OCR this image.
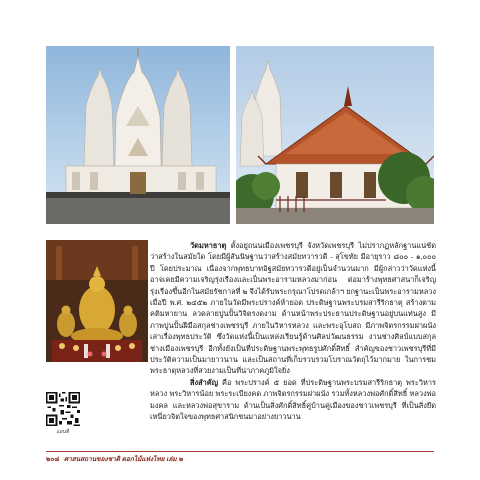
วัดมหาธาตุ ตั้งอยู่ถนนเมืองเพชรบุรี จังหวัดเพชรบุรี ไม่ปรากฏหลักฐานแน่ชัดว่าสร้างในสมัยใด โดยมีผู้สันนิษฐานว่าสร้างสมัยทวารวดี - สุโขทัย มีอายุราว ๘๐๐ - ๑,๐๐๐ ปี โดยประมาณ เนื่องจากพุทธบาทอิฐสมัยทวารวดีอยู่เป็นจำนวนมาก มีผู้กล่าวว่าวัดแห่งนี้อาจเคยมีความเจริญรุ่งเรืองและเป็นพระอารามหลวงมาก่อน ต่อมาร้างพุทธศาสนาก็เจริญรุ่งเรืองขึ้นอีกในสมัยรัชกาลที่ ๒ จึงได้รับพระกรุณาโปรดเกล้าฯ ยกฐานะเป็นพระอารามหลวง เมื่อปี พ.ศ. ๒๔๕๒ ภายในวัดมีพระปรางค์ห้ายอด ประดิษฐานพระบรมสารีริกธาตุ สร้างตามคติมหายาน ลวดลายปูนปั้นวิจิตรงดงาม ด้านหน้าพระประธานประดิษฐานอยู่บนแท่นสูง มีภาพปูนปั้นฝีมือสกุลช่างเพชรบุรี ภายในวิหารหลวง และพระอุโบสถ มีภาพจิตรกรรมฝาผนังเล่าเรื่องพุทธประวัติ ซึ่งวัดแห่งนี้เป็นแหล่งเรียนรู้ด้านศิลปวัฒนธรรม งานช่างศิลป์แบบสกุลช่างเมืองเพชรบุรี อีกทั้งยังเป็นที่ประดิษฐานพระพุทธรูปศักดิ์สิทธิ์ สำคัญของชาวเพชรบุรีที่มีประวัติความเป็นมายาวนาน และเป็นสถานที่เก็บรวบรวมโบราณวัตถุไว้มากมาย ในการชมพระธาตุหลวงที่สวยงามเป็นที่น่าภาคภูมิใจยิ่ง

สิ่งสำคัญ คือ พระปรางค์ ๕ ยอด ที่ประดิษฐานพระบรมสารีริกธาตุ พระวิหารหลวง พระวิหารน้อย พระระเบียงคด ภาพจิตรกรรมฝาผนัง รวมทั้งหลวงพ่อศักดิ์สิทธิ์ หลวงพ่อมงคล และหลวงพ่อสุขาราม ด้านเป็นสิ่งศักดิ์สิทธิ์คู่บ้านคู่เมืองของชาวเพชรบุรี ที่เป็นสิ่งยึดเหนี่ยวจิตใจของพุทธศาสนิกชนมาอย่างยาวนาน

แผนที่
๒๐๘ ศาสนสถานของชาติ ดอกไม้แห่งไทย เล่ม ๒
